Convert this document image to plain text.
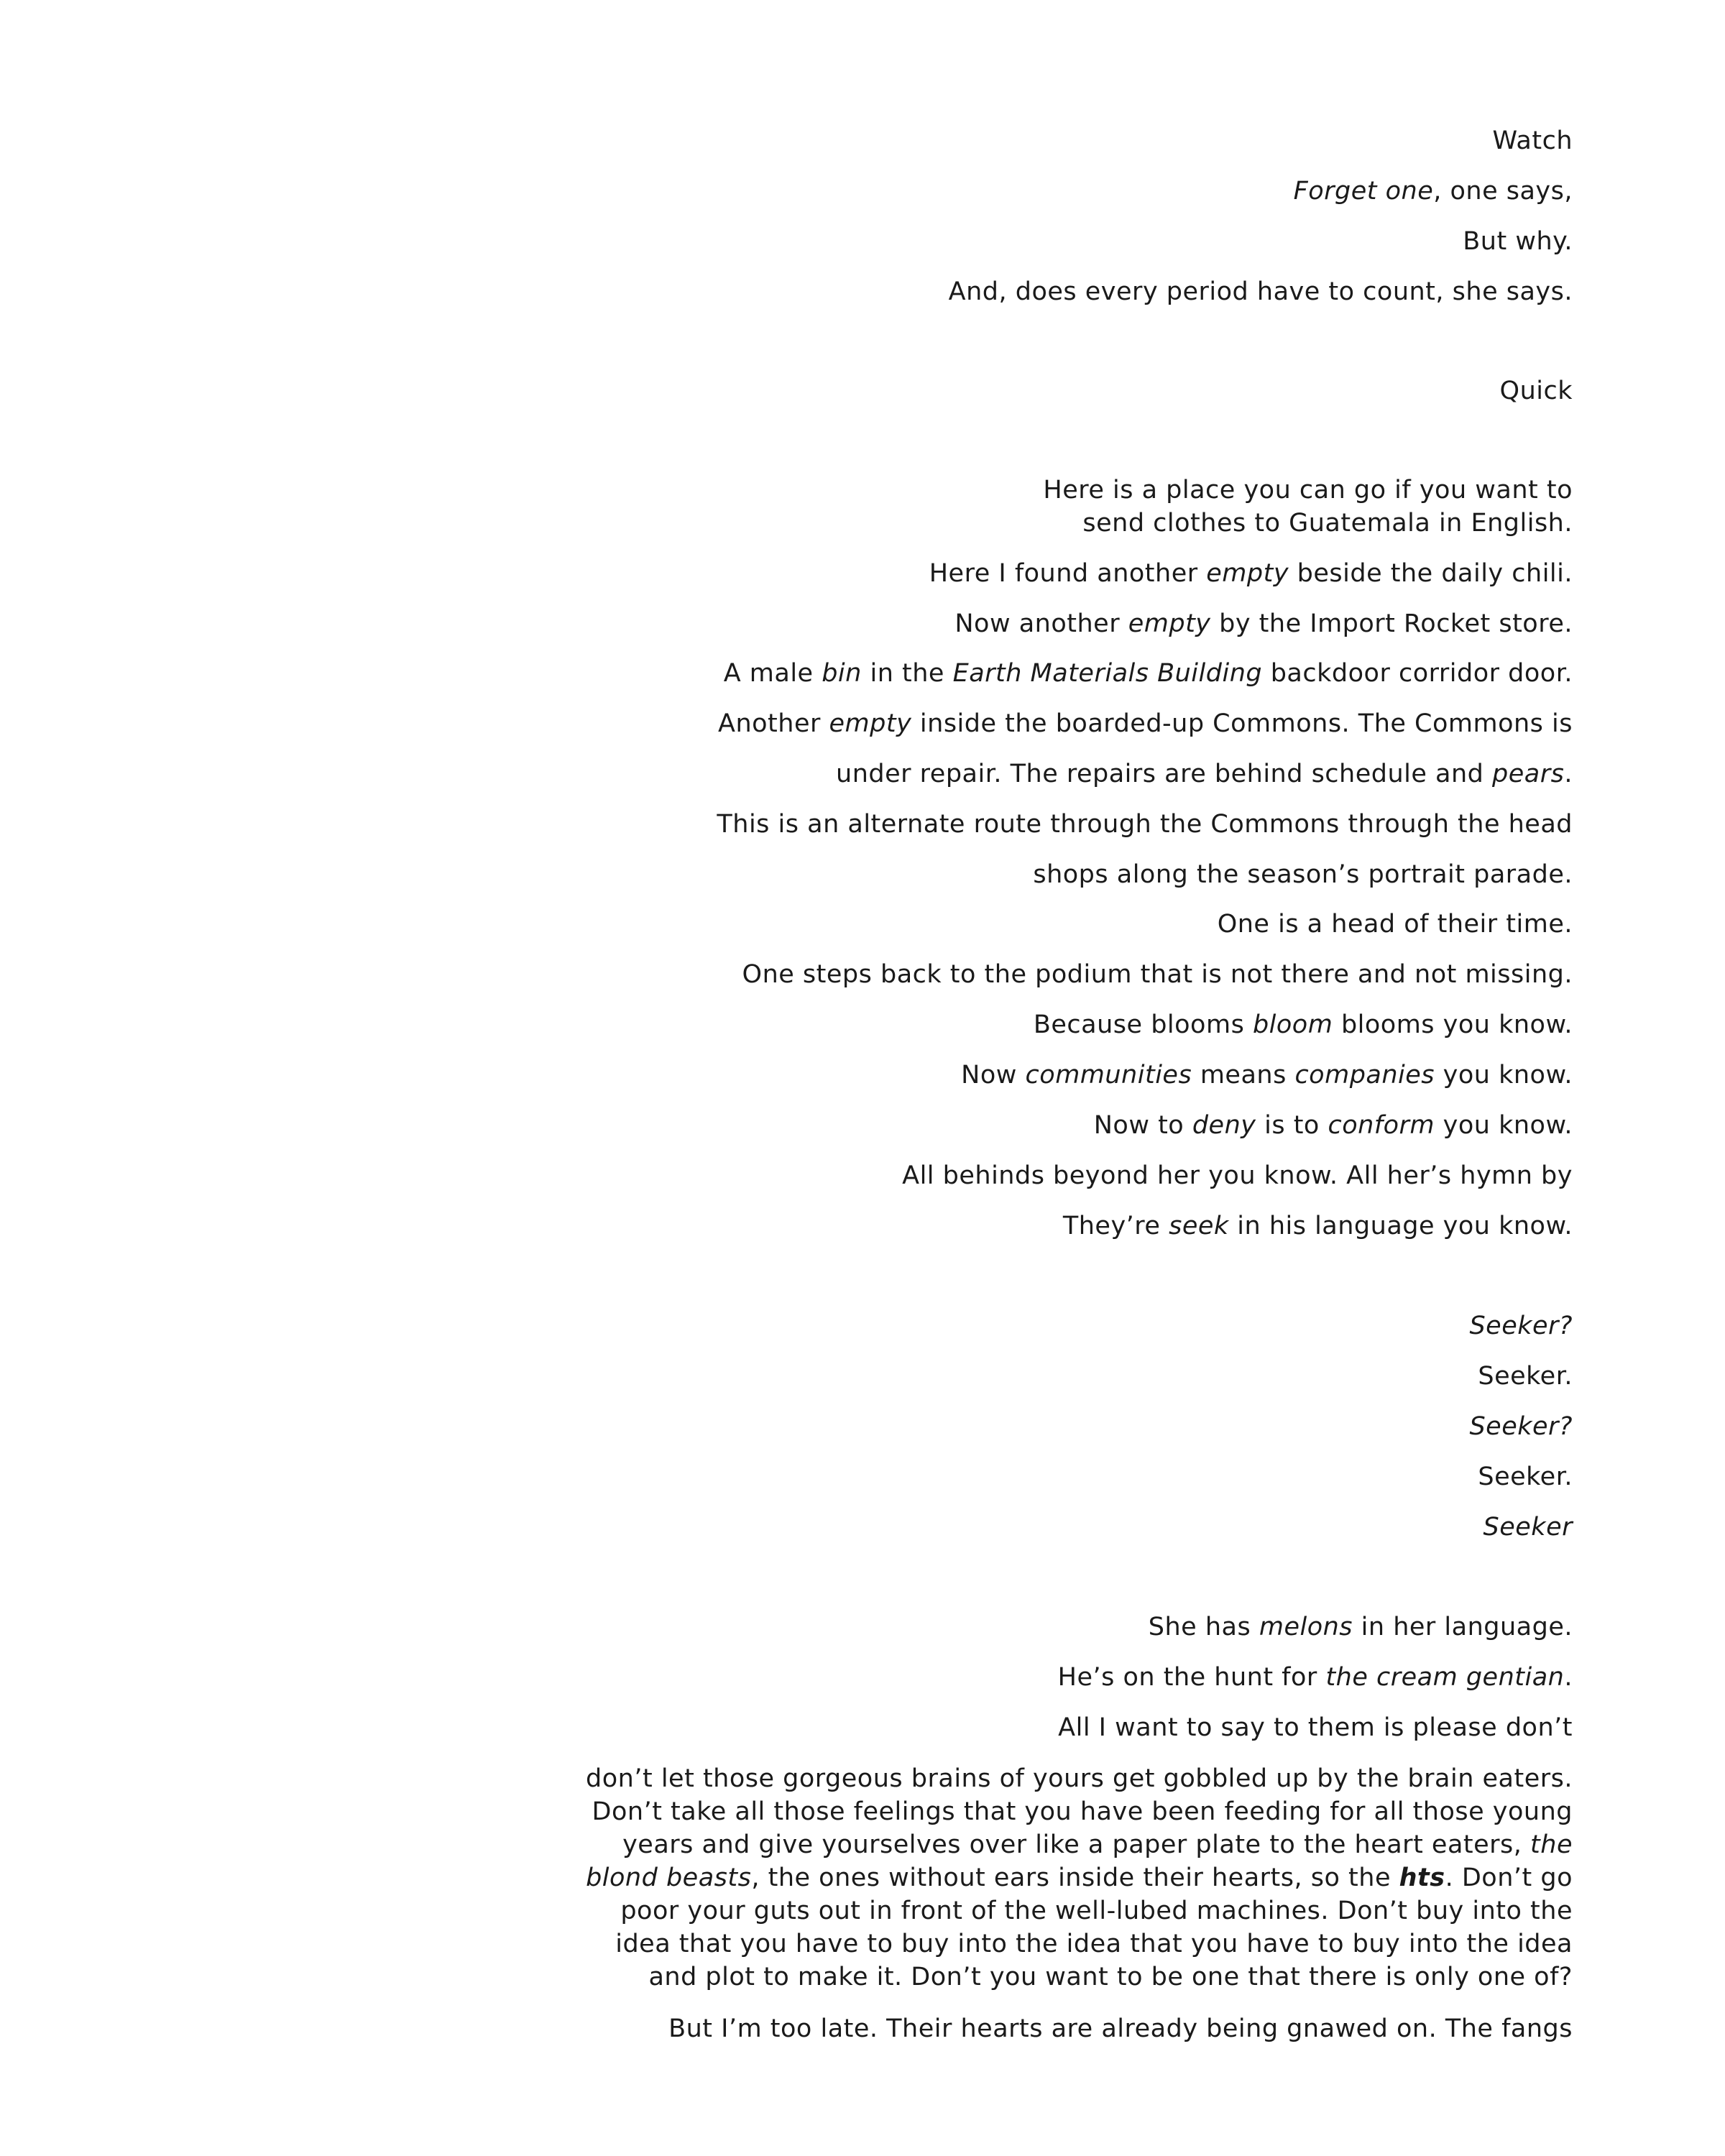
Watch

Forget one, one says,

But why.

And, does every period have to count, she says.

Quick

Here is a place you can go if you want to

send clothes to Guatemala in English.

Here I found another empty beside the daily chili.

Now another empty by the Import Rocket store.

A male bin in the Earth Materials Building backdoor corridor door.

Another empty inside the boarded-up Commons. The Commons is

under repair. The repairs are behind schedule and pears.

This is an alternate route through the Commons through the head

shops along the season’s portrait parade.

One is a head of their time.

One steps back to the podium that is not there and not missing.

Because blooms bloom blooms you know.

Now communities means companies you know.

Now to deny is to conform you know.

All behinds beyond her you know. All her’s hymn by

They’re seek in his language you know.

Seeker?

Seeker.

Seeker?

Seeker.

Seeker

She has melons in her language.

He’s on the hunt for the cream gentian.

All I want to say to them is please don’t

don’t let those gorgeous brains of yours get gobbled up by the brain eaters. Don’t take all those feelings that you have been feeding for all those young years and give yourselves over like a paper plate to the heart eaters, the blond beasts, the ones without ears inside their hearts, so the hts. Don’t go poor your guts out in front of the well-lubed machines. Don’t buy into the idea that you have to buy into the idea that you have to buy into the idea and plot to make it. Don’t you want to be one that there is only one of?

But I’m too late. Their hearts are already being gnawed on. The fangs
